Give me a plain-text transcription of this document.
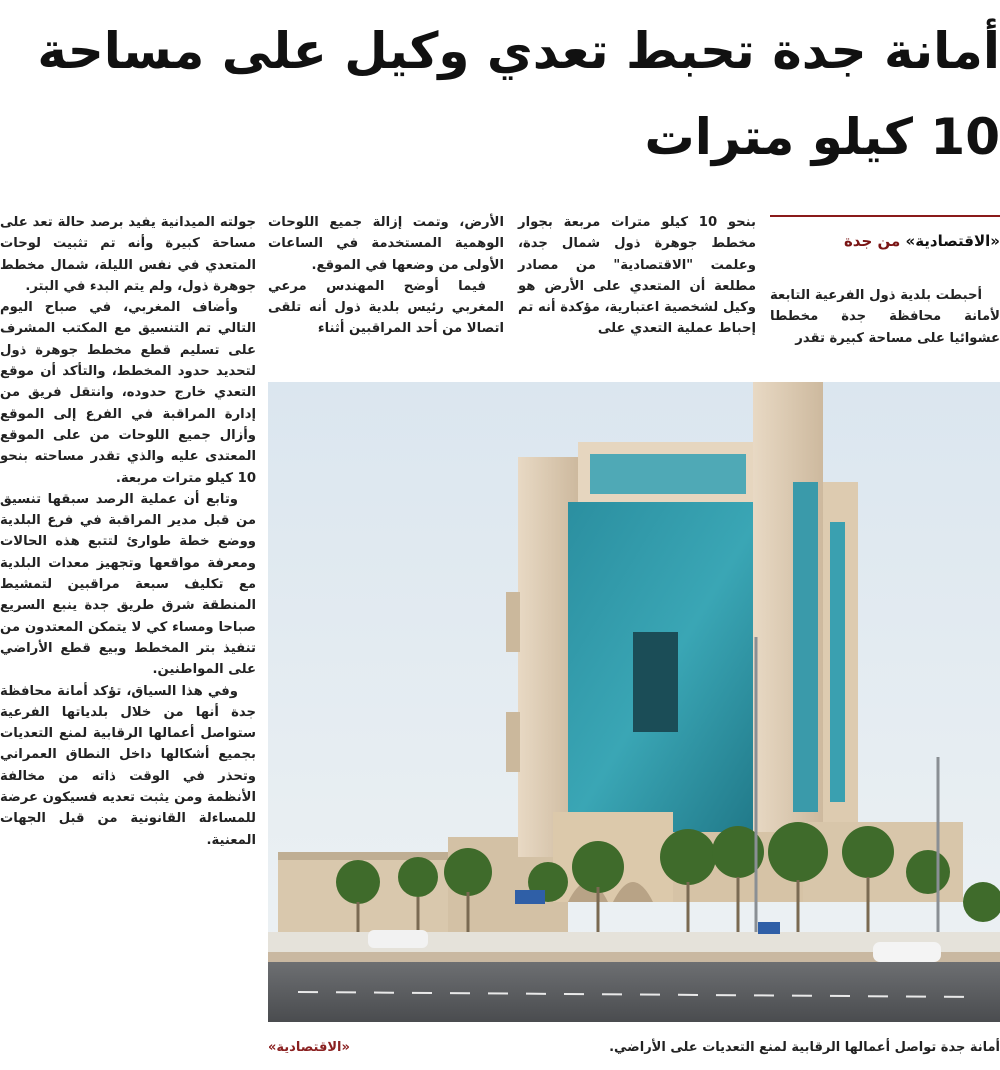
أمانة جدة تحبط تعدي وكيل على مساحة
10 كيلو مترات
«الاقتصادية» من جدة

أحبطت بلدية ذول الفرعية التابعة لأمانة محافظة جدة مخططا عشوائيا على مساحة كبيرة تقدر

بنحو 10 كيلو مترات مربعة بجوار مخطط جوهرة ذول شمال جدة، وعلمت "الاقتصادية" من مصادر مطلعة أن المتعدي على الأرض هو وكيل لشخصية اعتبارية، مؤكدة أنه تم إحباط عملية التعدي على

الأرض، وتمت إزالة جميع اللوحات الوهمية المستخدمة في الساعات الأولى من وضعها في الموقع.

فيما أوضح المهندس مرعي المغربي رئيس بلدية ذول أنه تلقى اتصالا من أحد المراقبين أثناء

جولته الميدانية يفيد برصد حالة تعد على مساحة كبيرة وأنه تم تثبيت لوحات المتعدي في نفس الليلة، شمال مخطط جوهرة ذول، ولم يتم البدء في البتر.

وأضاف المغربي، في صباح اليوم التالي تم التنسيق مع المكتب المشرف على تسليم قطع مخطط جوهرة ذول لتحديد حدود المخطط، والتأكد أن موقع التعدي خارج حدوده، وانتقل فريق من إدارة المراقبة في الفرع إلى الموقع وأزال جميع اللوحات من على الموقع المعتدى عليه والذي تقدر مساحته بنحو 10 كيلو مترات مربعة.

وتابع أن عملية الرصد سبقها تنسيق من قبل مدير المراقبة في فرع البلدية ووضع خطة طوارئ لتتبع هذه الحالات ومعرفة مواقعها وتجهيز معدات البلدية مع تكليف سبعة مراقبين لتمشيط المنطقة شرق طريق جدة ينبع السريع صباحا ومساء كي لا يتمكن المعتدون من تنفيذ بتر المخطط وبيع قطع الأراضي على المواطنين.

وفي هذا السياق، تؤكد أمانة محافظة جدة أنها من خلال بلدياتها الفرعية ستواصل أعمالها الرقابية لمنع التعديات بجميع أشكالها داخل النطاق العمراني وتحذر في الوقت ذاته من مخالفة الأنظمة ومن يثبت تعديه فسيكون عرضة للمساءلة القانونية من قبل الجهات المعنية.

أمانة جدة تواصل أعمالها الرقابية لمنع التعديات على الأراضي.
«الاقتصادية»
